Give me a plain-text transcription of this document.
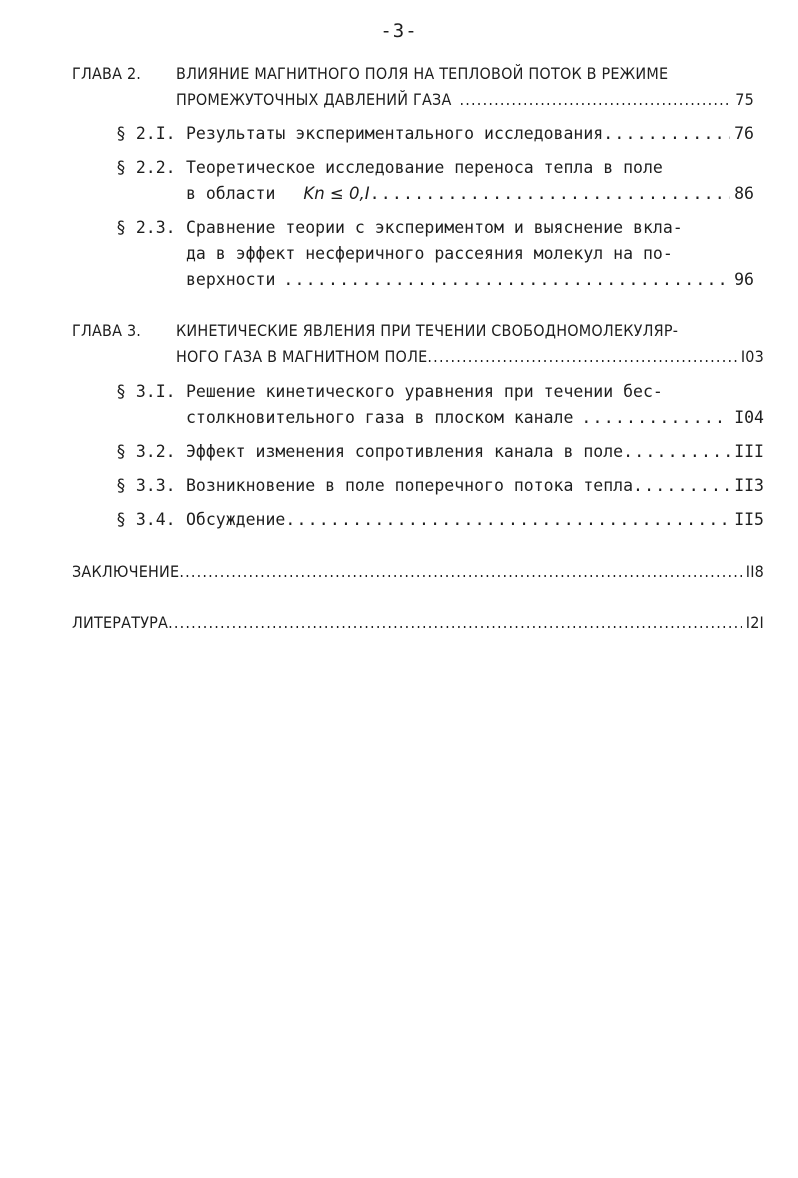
-3-
ГЛАВА 2. ВЛИЯНИЕ МАГНИТНОГО ПОЛЯ НА ТЕПЛОВОЙ ПОТОК В РЕЖИМЕ
ПРОМЕЖУТОЧНЫХ ДАВЛЕНИЙ ГАЗА .....	75
§ 2.I. Результаты экспериментального исследования .....	76
§ 2.2. Теоретическое исследование переноса тепла в поле
в области	Kn ≤ 0,I .....	86
§ 2.3. Сравнение теории с экспериментом и выяснение вкла-
да в эффект несферичного рассеяния молекул на по-
верхности .....	96
ГЛАВА 3. КИНЕТИЧЕСКИЕ ЯВЛЕНИЯ ПРИ ТЕЧЕНИИ СВОБОДНОМОЛЕКУЛЯР-
НОГО ГАЗА В МАГНИТНОМ ПОЛЕ .....	I03
§ 3.I. Решение кинетического уравнения при течении бес-
столкновительного газа в плоском канале .....	I04
§ 3.2. Эффект изменения сопротивления канала в поле .....	III
§ 3.3. Возникновение в поле поперечного потока тепла .....	II3
§ 3.4. Обсуждение .....	II5
ЗАКЛЮЧЕНИЕ .....	II8
ЛИТЕРАТУРА .....	I2I
